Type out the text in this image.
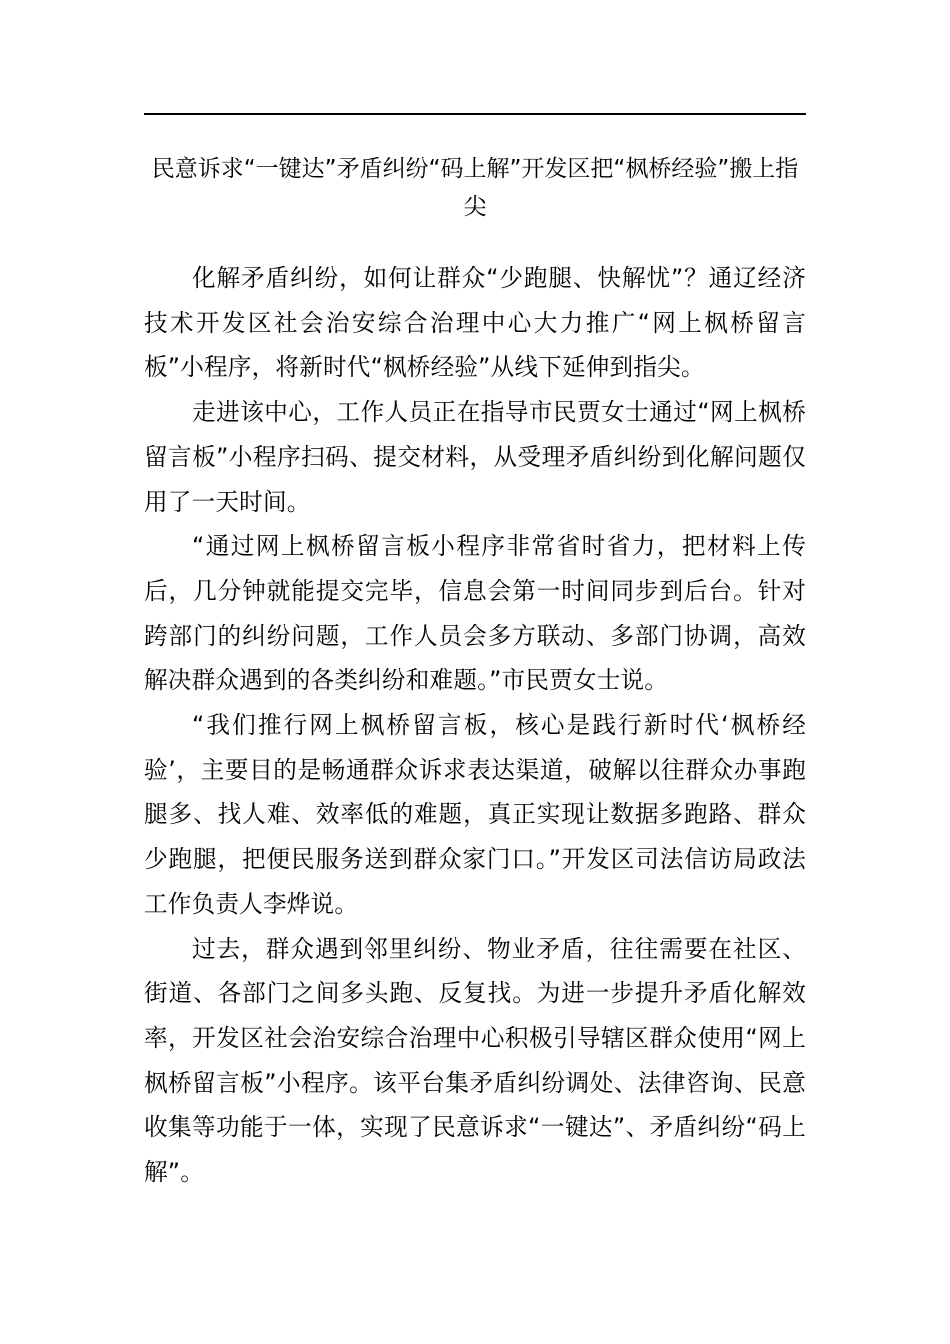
民意诉求“一键达”矛盾纠纷“码上解”开发区把“枫桥经验”搬上指尖

化解矛盾纠纷，如何让群众“少跑腿、快解忧”？通辽经济技术开发区社会治安综合治理中心大力推广“网上枫桥留言板”小程序，将新时代“枫桥经验”从线下延伸到指尖。

走进该中心，工作人员正在指导市民贾女士通过“网上枫桥留言板”小程序扫码、提交材料，从受理矛盾纠纷到化解问题仅用了一天时间。

“通过网上枫桥留言板小程序非常省时省力，把材料上传后，几分钟就能提交完毕，信息会第一时间同步到后台。针对跨部门的纠纷问题，工作人员会多方联动、多部门协调，高效解决群众遇到的各类纠纷和难题。”市民贾女士说。

“我们推行网上枫桥留言板，核心是践行新时代‘枫桥经验’，主要目的是畅通群众诉求表达渠道，破解以往群众办事跑腿多、找人难、效率低的难题，真正实现让数据多跑路、群众少跑腿，把便民服务送到群众家门口。”开发区司法信访局政法工作负责人李烨说。

过去，群众遇到邻里纠纷、物业矛盾，往往需要在社区、街道、各部门之间多头跑、反复找。为进一步提升矛盾化解效率，开发区社会治安综合治理中心积极引导辖区群众使用“网上枫桥留言板”小程序。该平台集矛盾纠纷调处、法律咨询、民意收集等功能于一体，实现了民意诉求“一键达”、矛盾纠纷“码上解”。
